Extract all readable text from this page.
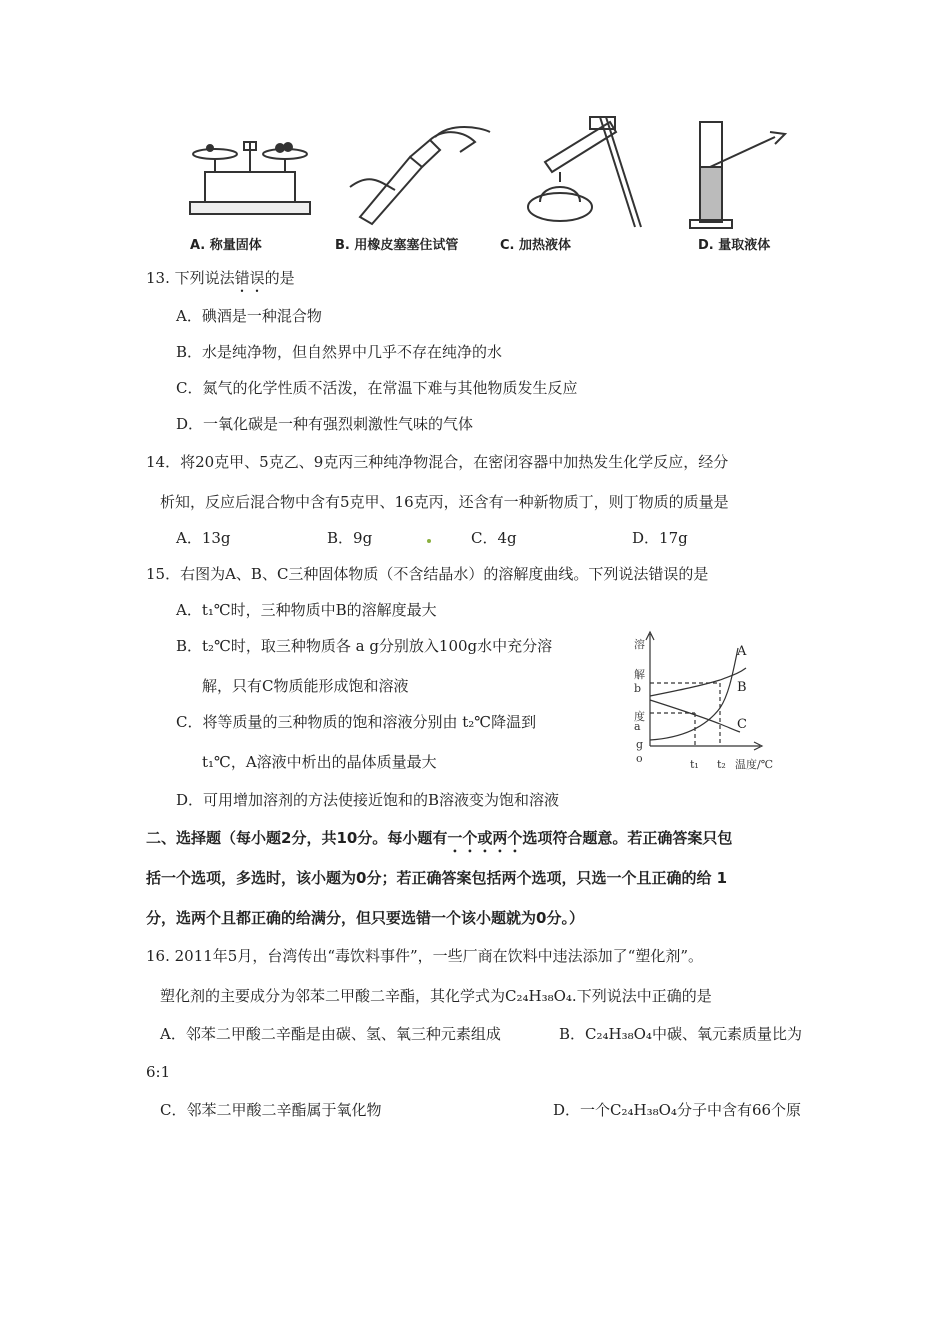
A. 称量固体	B. 用橡皮塞塞住试管	C. 加热液体	D. 量取液体
13. 下列说法错误的是
A．碘酒是一种混合物
B．水是纯净物，但自然界中几乎不存在纯净的水
C．氮气的化学性质不活泼，在常温下难与其他物质发生反应
D．一氧化碳是一种有强烈刺激性气味的气体
14．将20克甲、5克乙、9克丙三种纯净物混合，在密闭容器中加热发生化学反应，经分
析知，反应后混合物中含有5克甲、16克丙，还含有一种新物质丁，则丁物质的质量是
A．13g	B．9g	C．4g	D．17g
15．右图为A、B、C三种固体物质（不含结晶水）的溶解度曲线。下列说法错误的是
A．t₁℃时，三种物质中B的溶解度最大
B．t₂℃时，取三种物质各 a g分别放入100g水中充分溶
解，只有C物质能形成饱和溶液
C．将等质量的三种物质的饱和溶液分别由 t₂℃降温到
t₁℃，A溶液中析出的晶体质量最大
D．可用增加溶剂的方法使接近饱和的B溶液变为饱和溶液
溶
解
度
b
a
g
o	t₁ t₂ 温度/℃
A
B
C
二、选择题（每小题2分，共10分。每小题有一个或两个选项符合题意。若正确答案只包
括一个选项，多选时，该小题为0分；若正确答案包括两个选项，只选一个且正确的给 1
分，选两个且都正确的给满分，但只要选错一个该小题就为0分。）
16. 2011年5月，台湾传出“毒饮料事件”，一些厂商在饮料中违法添加了“塑化剂”。
塑化剂的主要成分为邻苯二甲酸二辛酯，其化学式为C₂₄H₃₈O₄.下列说法中正确的是
A．邻苯二甲酸二辛酯是由碳、氢、氧三种元素组成	B．C₂₄H₃₈O₄中碳、氧元素质量比为
6:1
C．邻苯二甲酸二辛酯属于氧化物	D．一个C₂₄H₃₈O₄分子中含有66个原
